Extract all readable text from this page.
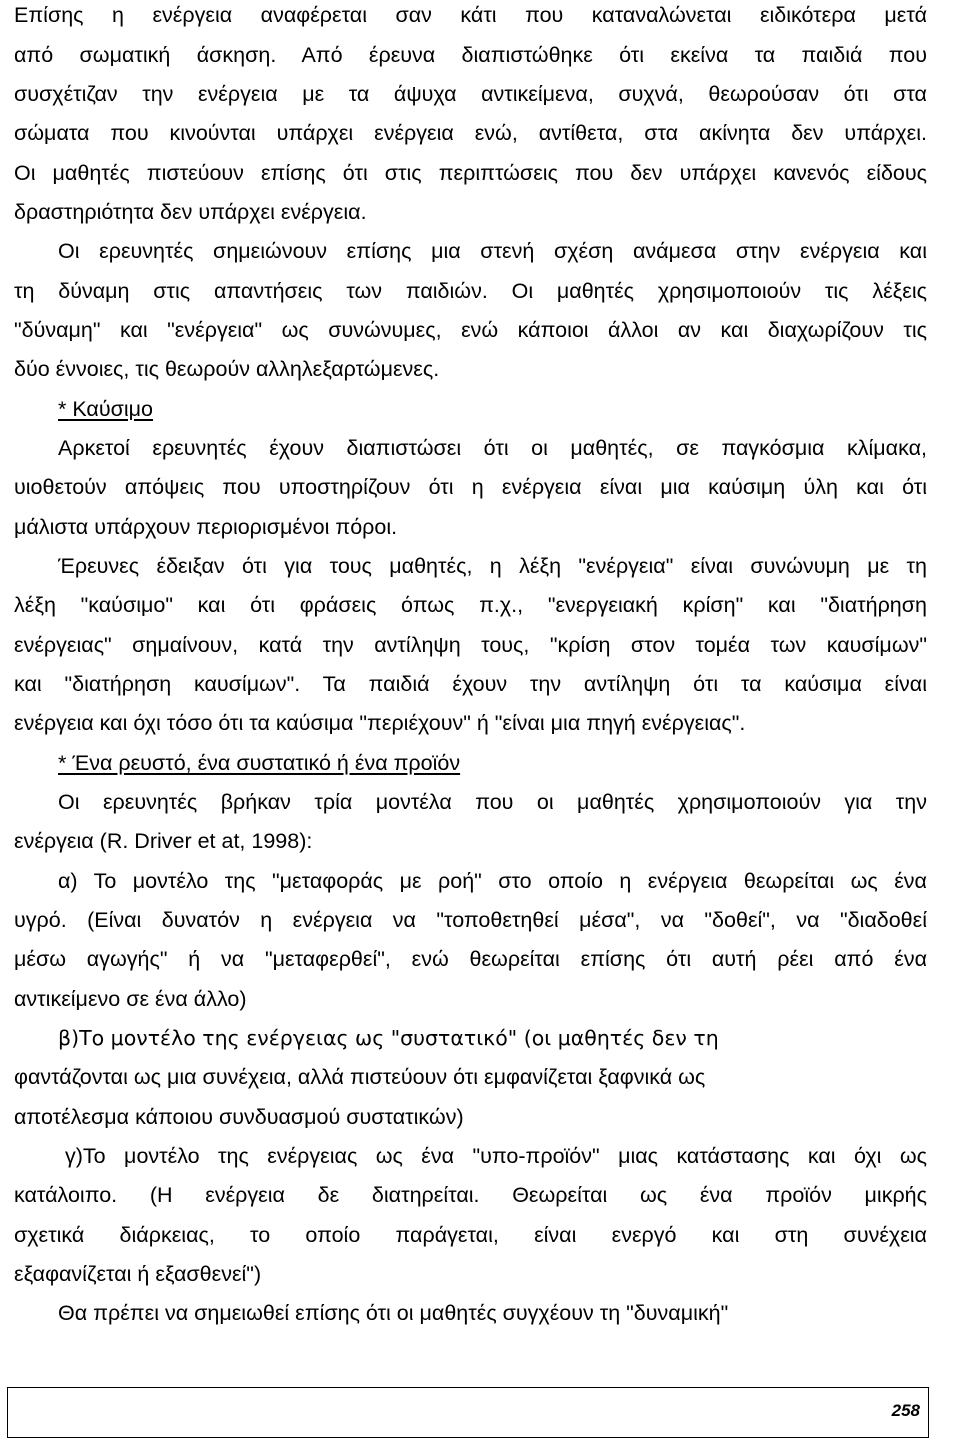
Επίσης η ενέργεια αναφέρεται σαν κάτι που καταναλώνεται ειδικότερα μετά
από σωματική άσκηση. Από έρευνα διαπιστώθηκε ότι εκείνα τα παιδιά που
συσχέτιζαν την ενέργεια με τα άψυχα αντικείμενα, συχνά, θεωρούσαν ότι στα
σώματα που κινούνται υπάρχει ενέργεια ενώ, αντίθετα, στα ακίνητα δεν υπάρχει.
Οι μαθητές πιστεύουν επίσης ότι στις περιπτώσεις που δεν υπάρχει κανενός είδους
δραστηριότητα δεν υπάρχει ενέργεια.
Οι ερευνητές σημειώνουν επίσης μια στενή σχέση ανάμεσα στην ενέργεια και
τη δύναμη στις απαντήσεις των παιδιών. Οι μαθητές χρησιμοποιούν τις λέξεις
"δύναμη" και "ενέργεια" ως συνώνυμες, ενώ κάποιοι άλλοι αν και διαχωρίζουν τις
δύο έννοιες, τις θεωρούν αλληλεξαρτώμενες.
* Καύσιμο
Αρκετοί ερευνητές έχουν διαπιστώσει ότι οι μαθητές, σε παγκόσμια κλίμακα,
υιοθετούν απόψεις που υποστηρίζουν ότι η ενέργεια είναι μια καύσιμη ύλη και ότι
μάλιστα υπάρχουν περιορισμένοι πόροι.
Έρευνες έδειξαν ότι για τους μαθητές, η λέξη "ενέργεια" είναι συνώνυμη με τη
λέξη "καύσιμο" και ότι φράσεις όπως π.χ., "ενεργειακή κρίση" και "διατήρηση
ενέργειας" σημαίνουν, κατά την αντίληψη τους, "κρίση στον τομέα των καυσίμων"
και "διατήρηση καυσίμων". Τα παιδιά έχουν την αντίληψη ότι τα καύσιμα είναι
ενέργεια και όχι τόσο ότι τα καύσιμα "περιέχουν" ή "είναι μια πηγή ενέργειας".
* Ένα ρευστό, ένα συστατικό ή ένα προϊόν
Οι ερευνητές βρήκαν τρία μοντέλα που οι μαθητές χρησιμοποιούν για την
ενέργεια (R. Driver et at, 1998):
α) Το μοντέλο της "μεταφοράς με ροή" στο οποίο η ενέργεια θεωρείται ως ένα
υγρό. (Είναι δυνατόν η ενέργεια να "τοποθετηθεί μέσα", να "δοθεί", να "διαδοθεί
μέσω αγωγής" ή να "μεταφερθεί", ενώ θεωρείται επίσης ότι αυτή ρέει από ένα
αντικείμενο σε ένα άλλο)
β)Το μοντέλο της ενέργειας ως "συστατικό" (οι μαθητές δεν τη
φαντάζονται ως μια συνέχεια, αλλά πιστεύουν ότι εμφανίζεται ξαφνικά ως
αποτέλεσμα κάποιου συνδυασμού συστατικών)
γ)Το μοντέλο της ενέργειας ως ένα "υπο-προϊόν" μιας κατάστασης και όχι ως
κατάλοιπο. (Η ενέργεια δε διατηρείται. Θεωρείται ως ένα προϊόν μικρής
σχετικά διάρκειας, το οποίο παράγεται, είναι ενεργό και στη συνέχεια
εξαφανίζεται ή εξασθενεί")
Θα πρέπει να σημειωθεί επίσης ότι οι μαθητές συγχέουν τη "δυναμική"
258
